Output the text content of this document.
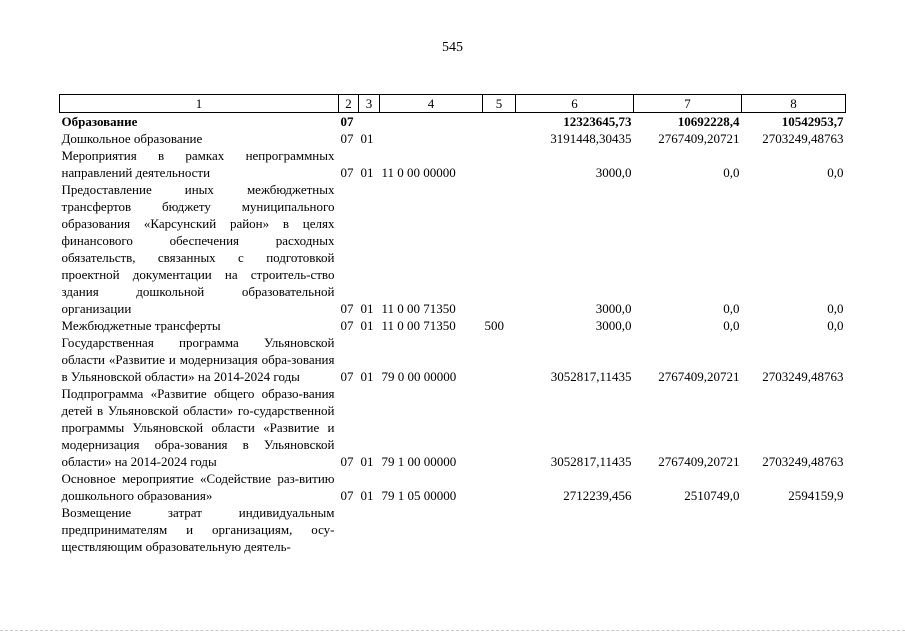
545
1	2	3	4	5	6	7	8
Образование	07				12323645,73	10692228,4	10542953,7
Дошкольное образование	07	01			3191448,30435	2767409,20721	2703249,48763
Мероприятия в рамках непрограммных направлений деятельности	07	01	11 0 00 00000		3000,0	0,0	0,0
Предоставление иных межбюджетных трансфертов бюджету муниципального образования «Карсунский район» в целях финансового обеспечения расходных обязательств, связанных с подготовкой проектной документации на строитель-ство здания дошкольной образовательной организации	07	01	11 0 00 71350		3000,0	0,0	0,0
Межбюджетные трансферты	07	01	11 0 00 71350	500	3000,0	0,0	0,0
Государственная программа Ульяновской области «Развитие и модернизация обра-зования в Ульяновской области» на 2014-2024 годы	07	01	79 0 00 00000		3052817,11435	2767409,20721	2703249,48763
Подпрограмма «Развитие общего образо-вания детей в Ульяновской области» го-сударственной программы Ульяновской области «Развитие и модернизация обра-зования в Ульяновской области» на 2014-2024 годы	07	01	79 1 00 00000		3052817,11435	2767409,20721	2703249,48763
Основное мероприятие «Содействие раз-витию дошкольного образования»	07	01	79 1 05 00000		2712239,456	2510749,0	2594159,9
Возмещение затрат индивидуальным предпринимателям и организациям, осу-ществляющим образовательную деятель-							
